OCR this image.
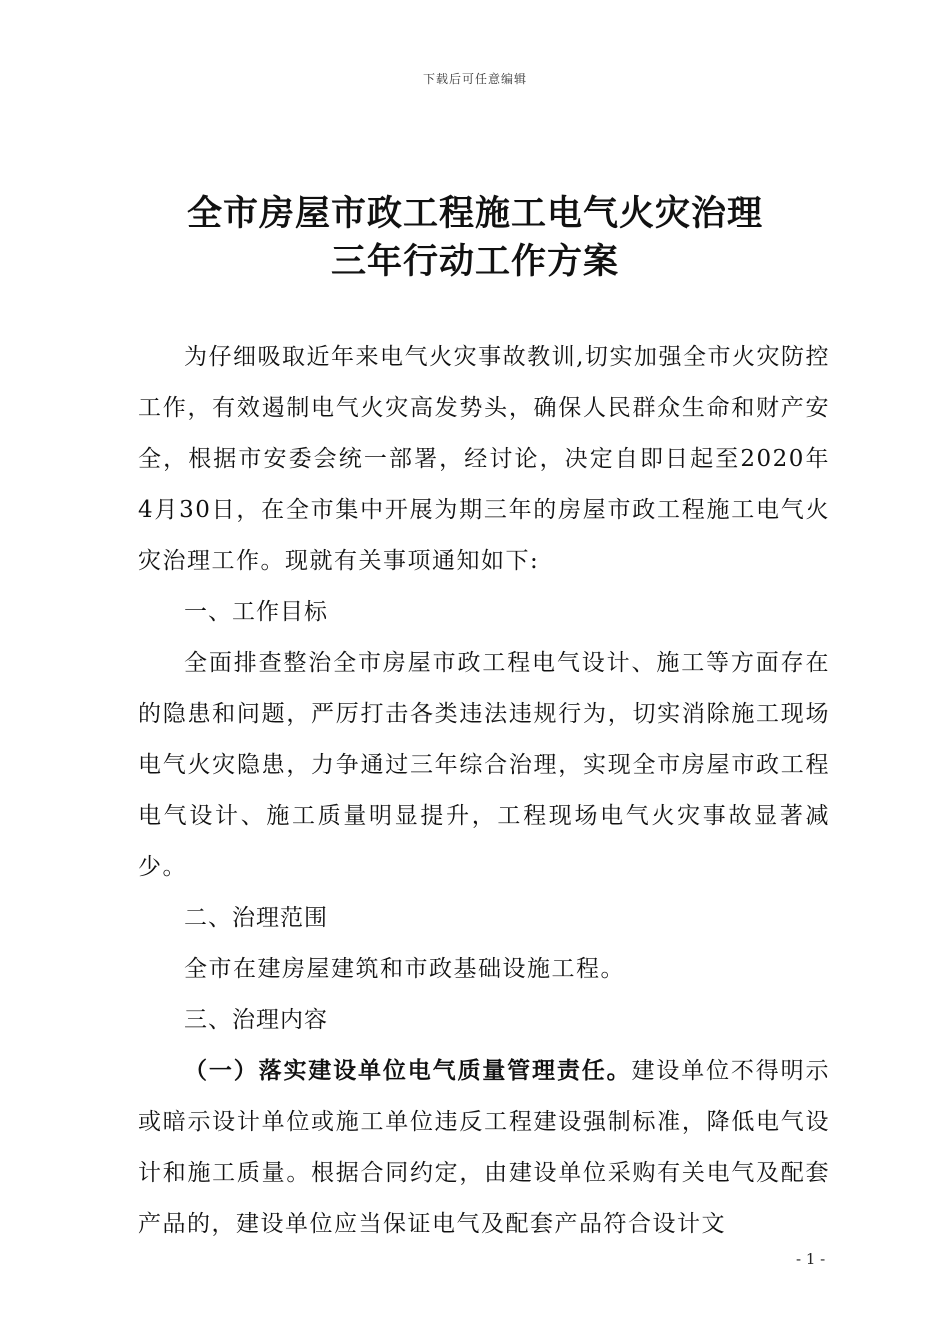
下载后可任意编辑
全市房屋市政工程施工电气火灾治理
三年行动工作方案

为仔细吸取近年来电气火灾事故教训,切实加强全市火灾防控工作，有效遏制电气火灾高发势头，确保人民群众生命和财产安全，根据市安委会统一部署，经讨论，决定自即日起至2020年4月30日，在全市集中开展为期三年的房屋市政工程施工电气火灾治理工作。现就有关事项通知如下:

一、工作目标

全面排查整治全市房屋市政工程电气设计、施工等方面存在的隐患和问题，严厉打击各类违法违规行为，切实消除施工现场电气火灾隐患，力争通过三年综合治理，实现全市房屋市政工程电气设计、施工质量明显提升，工程现场电气火灾事故显著减少。

二、治理范围

全市在建房屋建筑和市政基础设施工程。

三、治理内容

（一）落实建设单位电气质量管理责任。建设单位不得明示或暗示设计单位或施工单位违反工程建设强制标准，降低电气设计和施工质量。根据合同约定，由建设单位采购有关电气及配套产品的，建设单位应当保证电气及配套产品符合设计文

- 1 -
